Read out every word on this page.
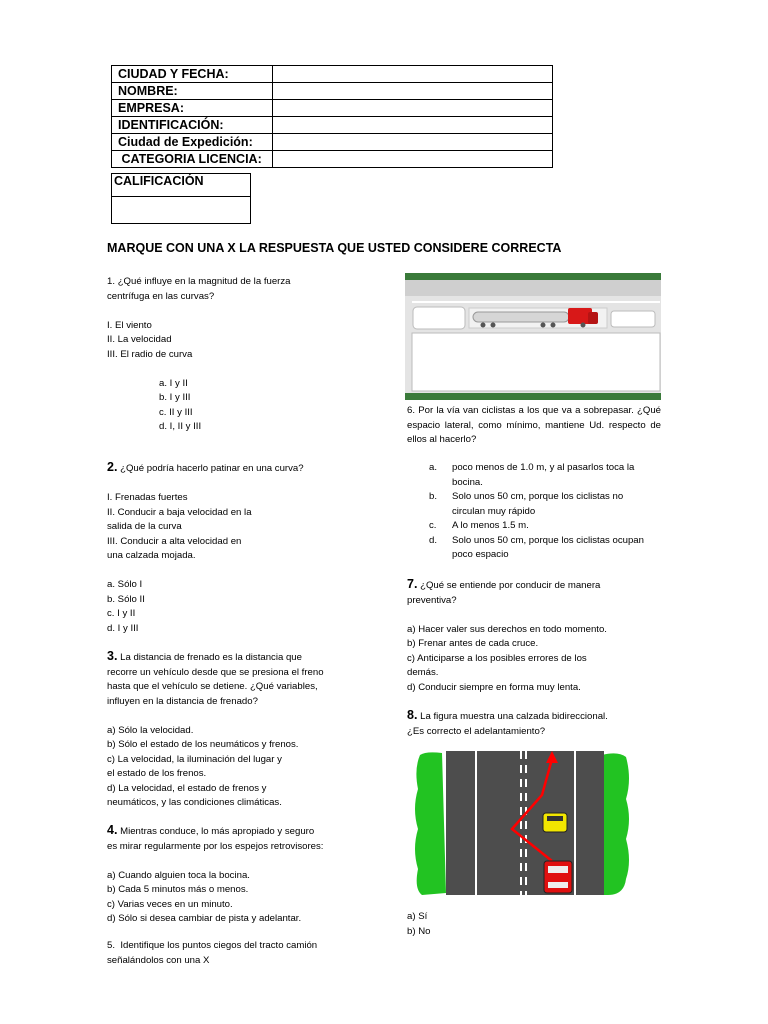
CIUDAD Y FECHA:	
NOMBRE:	
EMPRESA:	
IDENTIFICACIÓN:	
Ciudad de Expedición:	
CATEGORIA LICENCIA:	
CALIFICACIÓN

MARQUE CON UNA X LA RESPUESTA QUE USTED CONSIDERE CORRECTA

1. ¿Qué influye en la magnitud de la fuerza

centrífuga en las curvas?

I. El viento

II. La velocidad

III. El radio de curva

a. I y II

b. I y III

c. II y III

d. I, II y III

2. ¿Qué podría hacerlo patinar en una curva?

I. Frenadas fuertes

II. Conducir a baja velocidad en la

salida de la curva

III. Conducir a alta velocidad en

una calzada mojada.

a. Sólo I

b. Sólo II

c. I y II

d. I y III

3. La distancia de frenado es la distancia que

recorre un vehículo desde que se presiona el freno

hasta que el vehículo se detiene. ¿Qué variables,

influyen en la distancia de frenado?

a) Sólo la velocidad.

b) Sólo el estado de los neumáticos y frenos.

c) La velocidad, la iluminación del lugar y

el estado de los frenos.

d) La velocidad, el estado de frenos y

neumáticos, y las condiciones climáticas.

4. Mientras conduce, lo más apropiado y seguro

es mirar regularmente por los espejos retrovisores:

a) Cuando alguien toca la bocina.

b) Cada 5 minutos más o menos.

c) Varias veces en un minuto.

d) Sólo si desea cambiar de pista y adelantar.

5.  Identifique los puntos ciegos del tracto camión

señalándolos con una X

6. Por la vía van ciclistas a los que va a sobrepasar. ¿Qué espacio lateral, como mínimo, mantiene Ud. respecto de ellos al hacerlo?

a. poco menos de 1.0 m, y al pasarlos toca la
bocina.
b. Solo unos 50 cm, porque los ciclistas no
circulan muy rápido
c. A lo menos 1.5 m.
d. Solo unos 50 cm, porque los ciclistas ocupan
poco espacio

7. ¿Qué se entiende por conducir de manera

preventiva?

a) Hacer valer sus derechos en todo momento.

b) Frenar antes de cada cruce.

c) Anticiparse a los posibles errores de los

demás.

d) Conducir siempre en forma muy lenta.

8. La figura muestra una calzada bidireccional.

¿Es correcto el adelantamiento?

a) Sí

b) No
